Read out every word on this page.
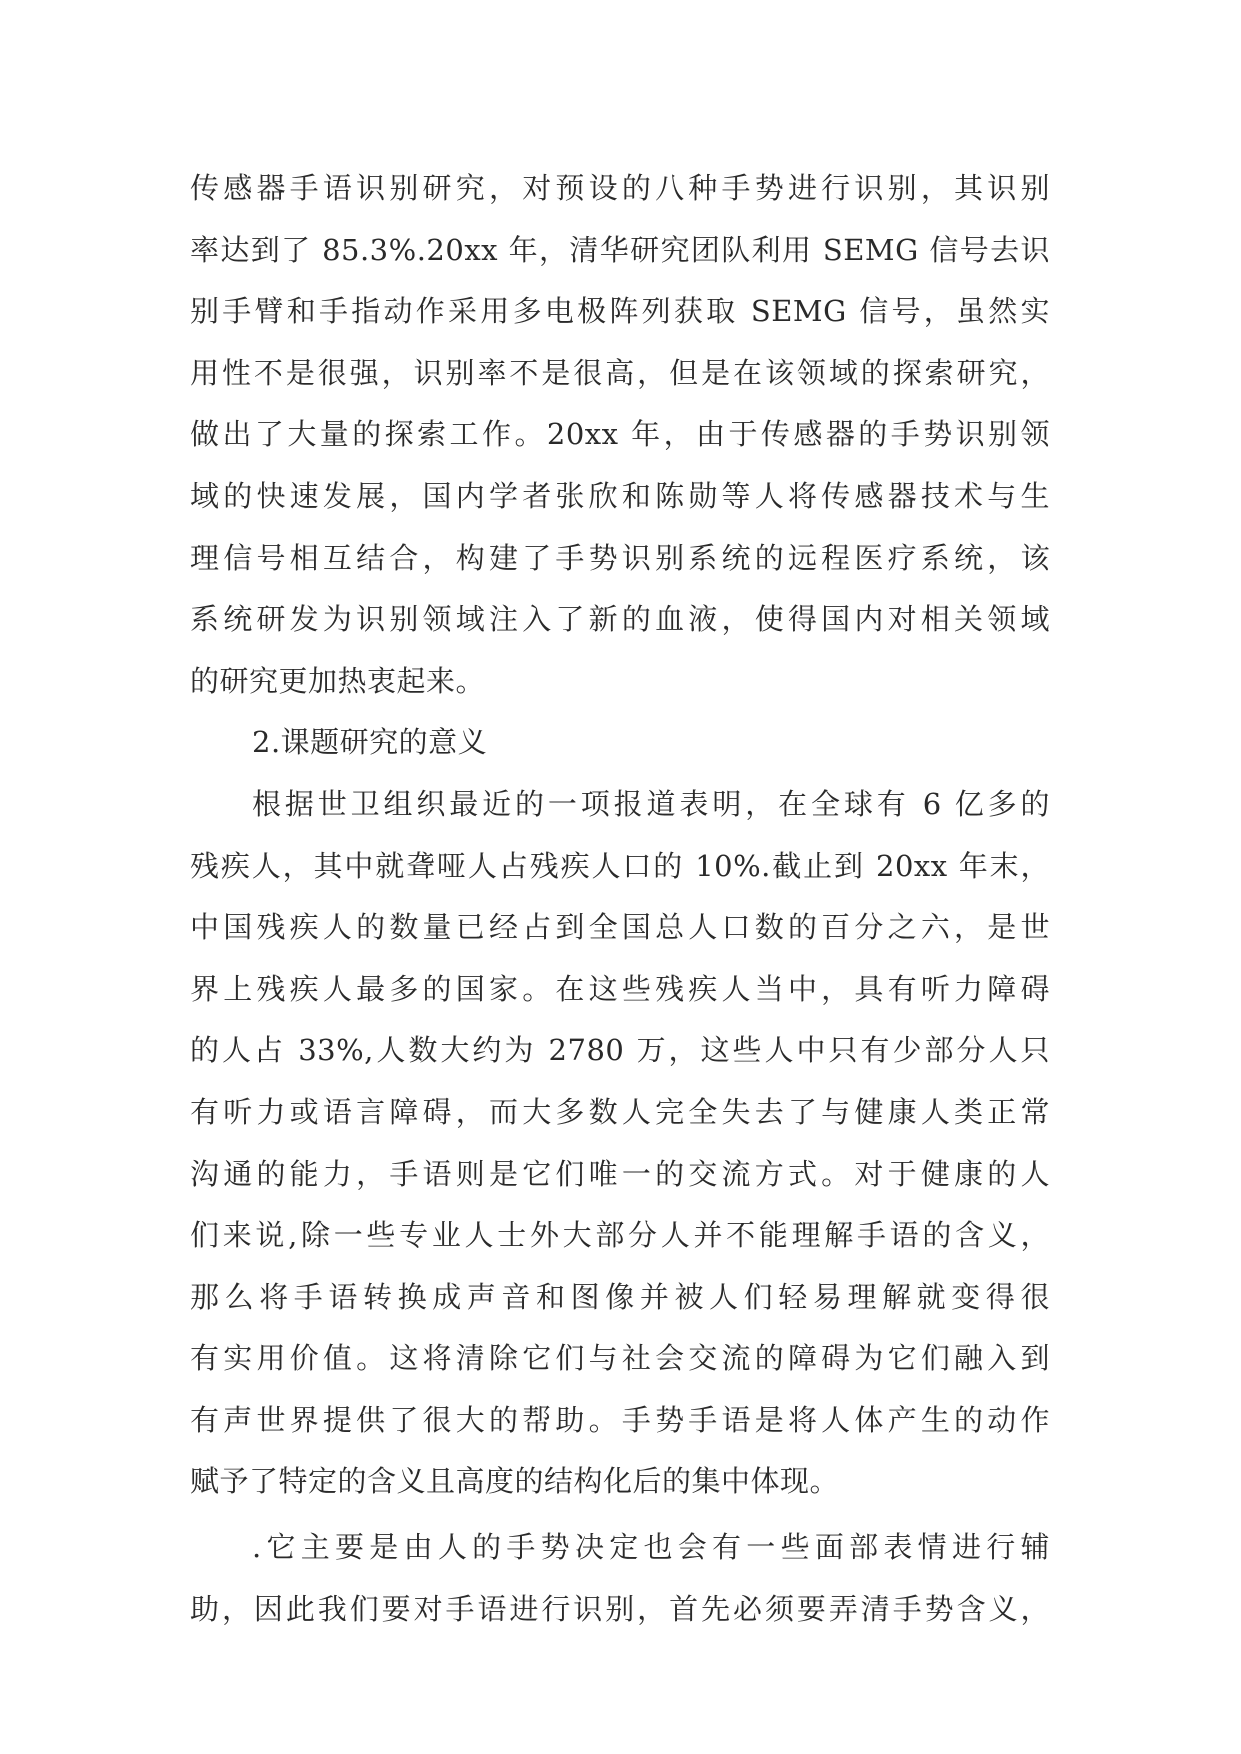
传感器手语识别研究，对预设的八种手势进行识别，其识别
率达到了 85.3%.20xx 年，清华研究团队利用 SEMG 信号去识
别手臂和手指动作采用多电极阵列获取 SEMG 信号，虽然实
用性不是很强，识别率不是很高，但是在该领域的探索研究，
做出了大量的探索工作。20xx 年，由于传感器的手势识别领
域的快速发展，国内学者张欣和陈勋等人将传感器技术与生
理信号相互结合，构建了手势识别系统的远程医疗系统，该
系统研发为识别领域注入了新的血液，使得国内对相关领域
的研究更加热衷起来。
2.课题研究的意义
根据世卫组织最近的一项报道表明，在全球有 6 亿多的
残疾人，其中就聋哑人占残疾人口的 10%.截止到 20xx 年末，
中国残疾人的数量已经占到全国总人口数的百分之六，是世
界上残疾人最多的国家。在这些残疾人当中，具有听力障碍
的人占 33%,人数大约为 2780 万，这些人中只有少部分人只
有听力或语言障碍，而大多数人完全失去了与健康人类正常
沟通的能力，手语则是它们唯一的交流方式。对于健康的人
们来说,除一些专业人士外大部分人并不能理解手语的含义，
那么将手语转换成声音和图像并被人们轻易理解就变得很
有实用价值。这将清除它们与社会交流的障碍为它们融入到
有声世界提供了很大的帮助。手势手语是将人体产生的动作
赋予了特定的含义且高度的结构化后的集中体现。
.它主要是由人的手势决定也会有一些面部表情进行辅
助，因此我们要对手语进行识别，首先必须要弄清手势含义，
